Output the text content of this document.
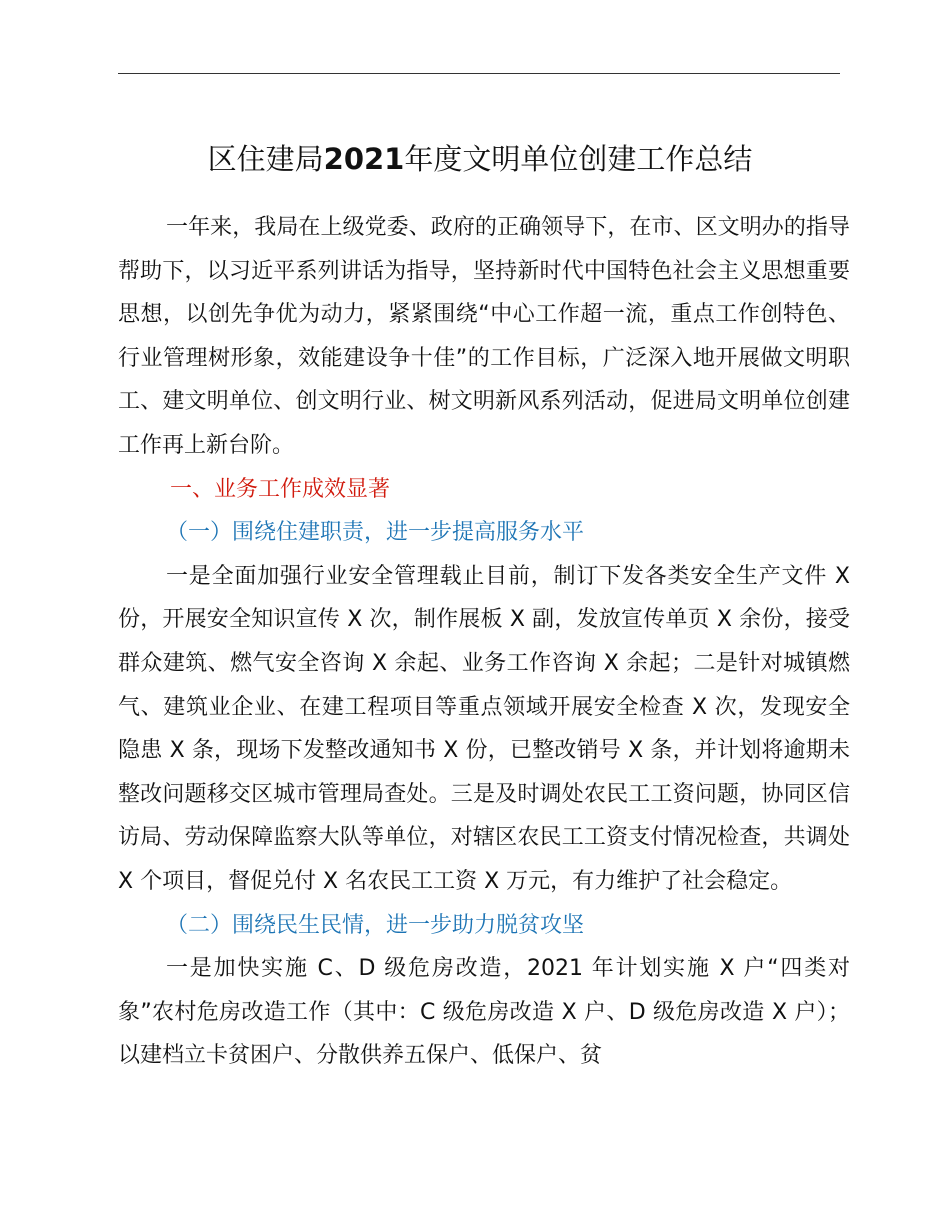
区住建局2021年度文明单位创建工作总结

一年来，我局在上级党委、政府的正确领导下，在市、区文明办的指导帮助下，以习近平系列讲话为指导，坚持新时代中国特色社会主义思想重要思想，以创先争优为动力，紧紧围绕“中心工作超一流，重点工作创特色、行业管理树形象，效能建设争十佳”的工作目标，广泛深入地开展做文明职工、建文明单位、创文明行业、树文明新风系列活动，促进局文明单位创建工作再上新台阶。

一、业务工作成效显著

（一）围绕住建职责，进一步提高服务水平

一是全面加强行业安全管理载止目前，制订下发各类安全生产文件 X 份，开展安全知识宣传 X 次，制作展板 X 副，发放宣传单页 X 余份，接受群众建筑、燃气安全咨询 X 余起、业务工作咨询 X 余起；二是针对城镇燃气、建筑业企业、在建工程项目等重点领域开展安全检查 X 次，发现安全隐患 X 条，现场下发整改通知书 X 份，已整改销号 X 条，并计划将逾期未整改问题移交区城市管理局查处。三是及时调处农民工工资问题，协同区信访局、劳动保障监察大队等单位，对辖区农民工工资支付情况检查，共调处 X 个项目，督促兑付 X 名农民工工资 X 万元，有力维护了社会稳定。

（二）围绕民生民情，进一步助力脱贫攻坚

一是加快实施 C、D 级危房改造，2021 年计划实施 X 户“四类对象”农村危房改造工作（其中：C 级危房改造 X 户、D 级危房改造 X 户）；以建档立卡贫困户、分散供养五保户、低保户、贫
